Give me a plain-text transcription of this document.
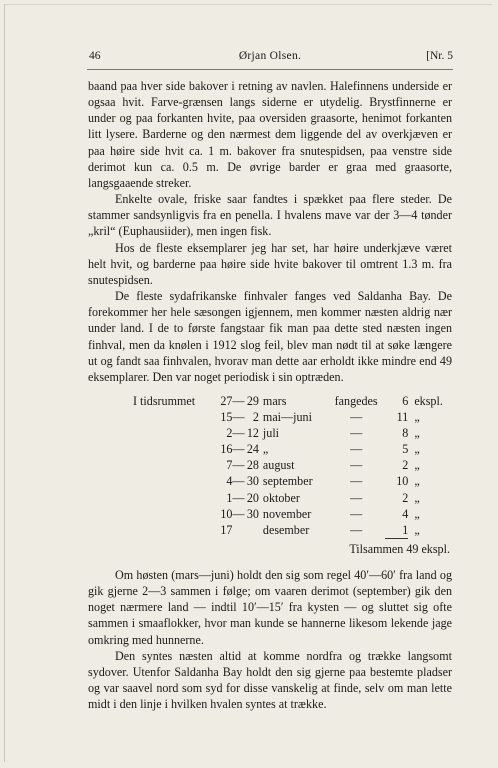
46	Ørjan Olsen.	[Nr. 5

baand paa hver side bakover i retning av navlen. Halefinnens underside er ogsaa hvit. Farve-grænsen langs siderne er utydelig. Brystfinnerne er under og paa forkanten hvite, paa oversiden graasorte, henimot forkanten litt lysere. Barderne og den nærmest dem liggende del av overkjæven er paa høire side hvit ca. 1 m. bakover fra snutespidsen, paa venstre side derimot kun ca. 0.5 m. De øvrige barder er graa med graasorte, langsgaaende streker.

Enkelte ovale, friske saar fandtes i spækket paa flere steder. De stammer sandsynligvis fra en penella. I hvalens mave var der 3—4 tønder „kril“ (Euphausiider), men ingen fisk.

Hos de fleste eksemplarer jeg har set, har høire underkjæve været helt hvit, og barderne paa høire side hvite bakover til omtrent 1.3 m. fra snutespidsen.

De fleste sydafrikanske finhvaler fanges ved Saldanha Bay. De forekommer her hele sæsongen igjennem, men kommer næsten aldrig nær under land. I de to første fangstaar fik man paa dette sted næsten ingen finhval, men da knølen i 1912 slog feil, blev man nødt til at søke længere ut og fandt saa finhvalen, hvorav man dette aar erholdt ikke mindre end 49 eksemplarer. Den var noget periodisk i sin optræden.

I tidsrummet	27	—	29	mars	fangedes	6	ekspl.
	15	—	2	mai—juni	—	11	„
	2	—	12	juli	—	8	„
	16	—	24	„	—	5	„
	7	—	28	august	—	2	„
	4	—	30	september	—	10	„
	1	—	20	oktober	—	2	„
	10	—	30	november	—	4	„
	17			desember	—	1	„
Tilsammen 49 ekspl.							

Om høsten (mars—juni) holdt den sig som regel 40′—60′ fra land og gik gjerne 2—3 sammen i følge; om vaaren derimot (september) gik den noget nærmere land — indtil 10′—15′ fra kysten — og sluttet sig ofte sammen i smaaflokker, hvor man kunde se hannerne likesom lekende jage omkring med hunnerne.

Den syntes næsten altid at komme nordfra og trække langsomt sydover. Utenfor Saldanha Bay holdt den sig gjerne paa bestemte pladser og var saavel nord som syd for disse vanskelig at finde, selv om man lette midt i den linje i hvilken hvalen syntes at trække.
